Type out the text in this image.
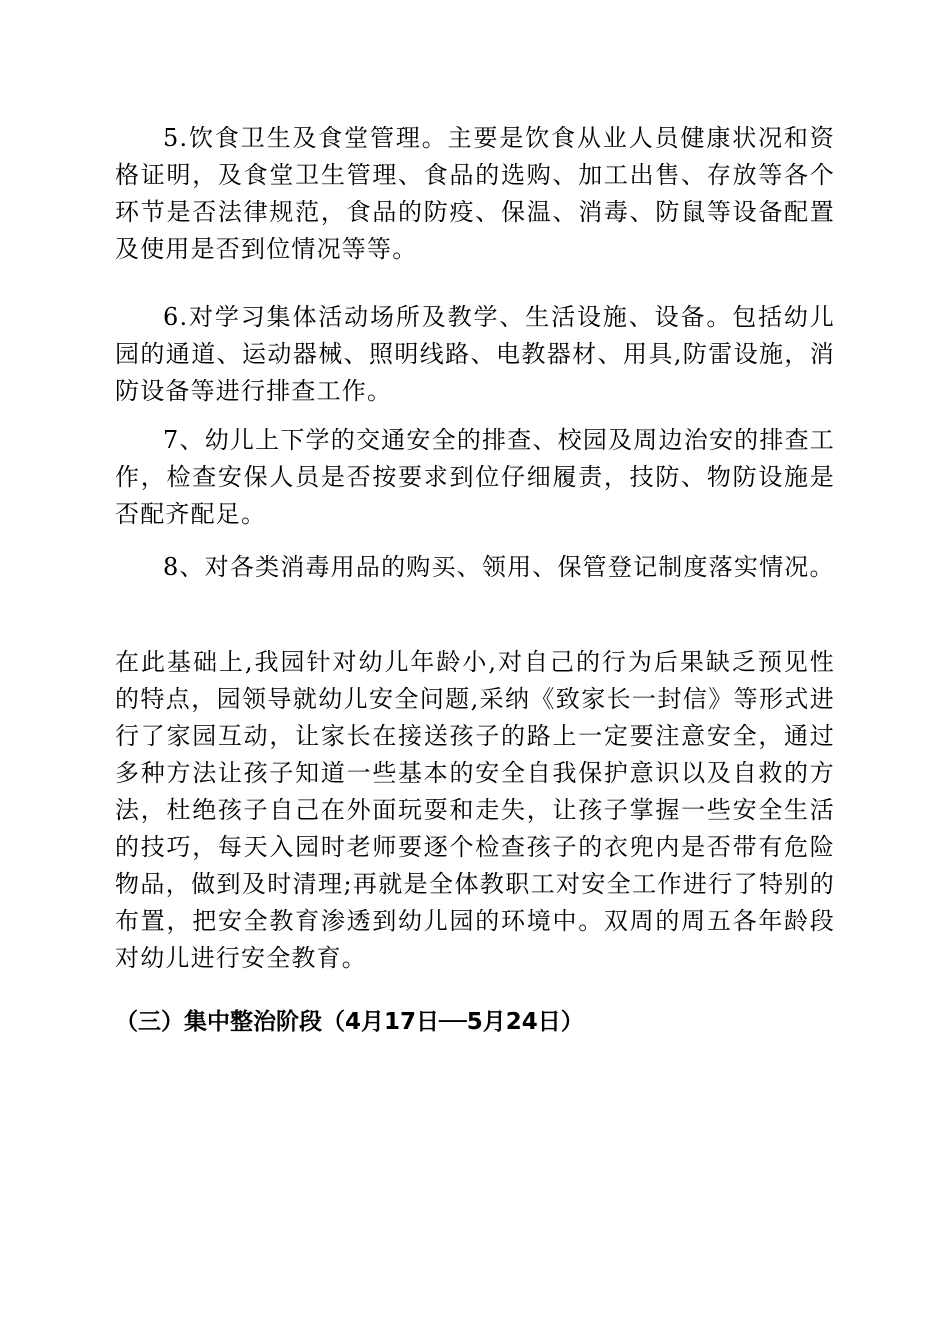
5.饮食卫生及食堂管理。主要是饮食从业人员健康状况和资格证明，及食堂卫生管理、食品的选购、加工出售、存放等各个环节是否法律规范，食品的防疫、保温、消毒、防鼠等设备配置及使用是否到位情况等等。

6.对学习集体活动场所及教学、生活设施、设备。包括幼儿园的通道、运动器械、照明线路、电教器材、用具,防雷设施，消防设备等进行排查工作。

7、幼儿上下学的交通安全的排查、校园及周边治安的排查工作，检查安保人员是否按要求到位仔细履责，技防、物防设施是否配齐配足。

8、对各类消毒用品的购买、领用、保管登记制度落实情况。

在此基础上,我园针对幼儿年龄小,对自己的行为后果缺乏预见性的特点，园领导就幼儿安全问题,采纳《致家长一封信》等形式进行了家园互动，让家长在接送孩子的路上一定要注意安全，通过多种方法让孩子知道一些基本的安全自我保护意识以及自救的方法，杜绝孩子自己在外面玩耍和走失，让孩子掌握一些安全生活的技巧，每天入园时老师要逐个检查孩子的衣兜内是否带有危险物品，做到及时清理;再就是全体教职工对安全工作进行了特别的布置，把安全教育渗透到幼儿园的环境中。双周的周五各年龄段对幼儿进行安全教育。

（三）集中整治阶段（4月17日──5月24日）
